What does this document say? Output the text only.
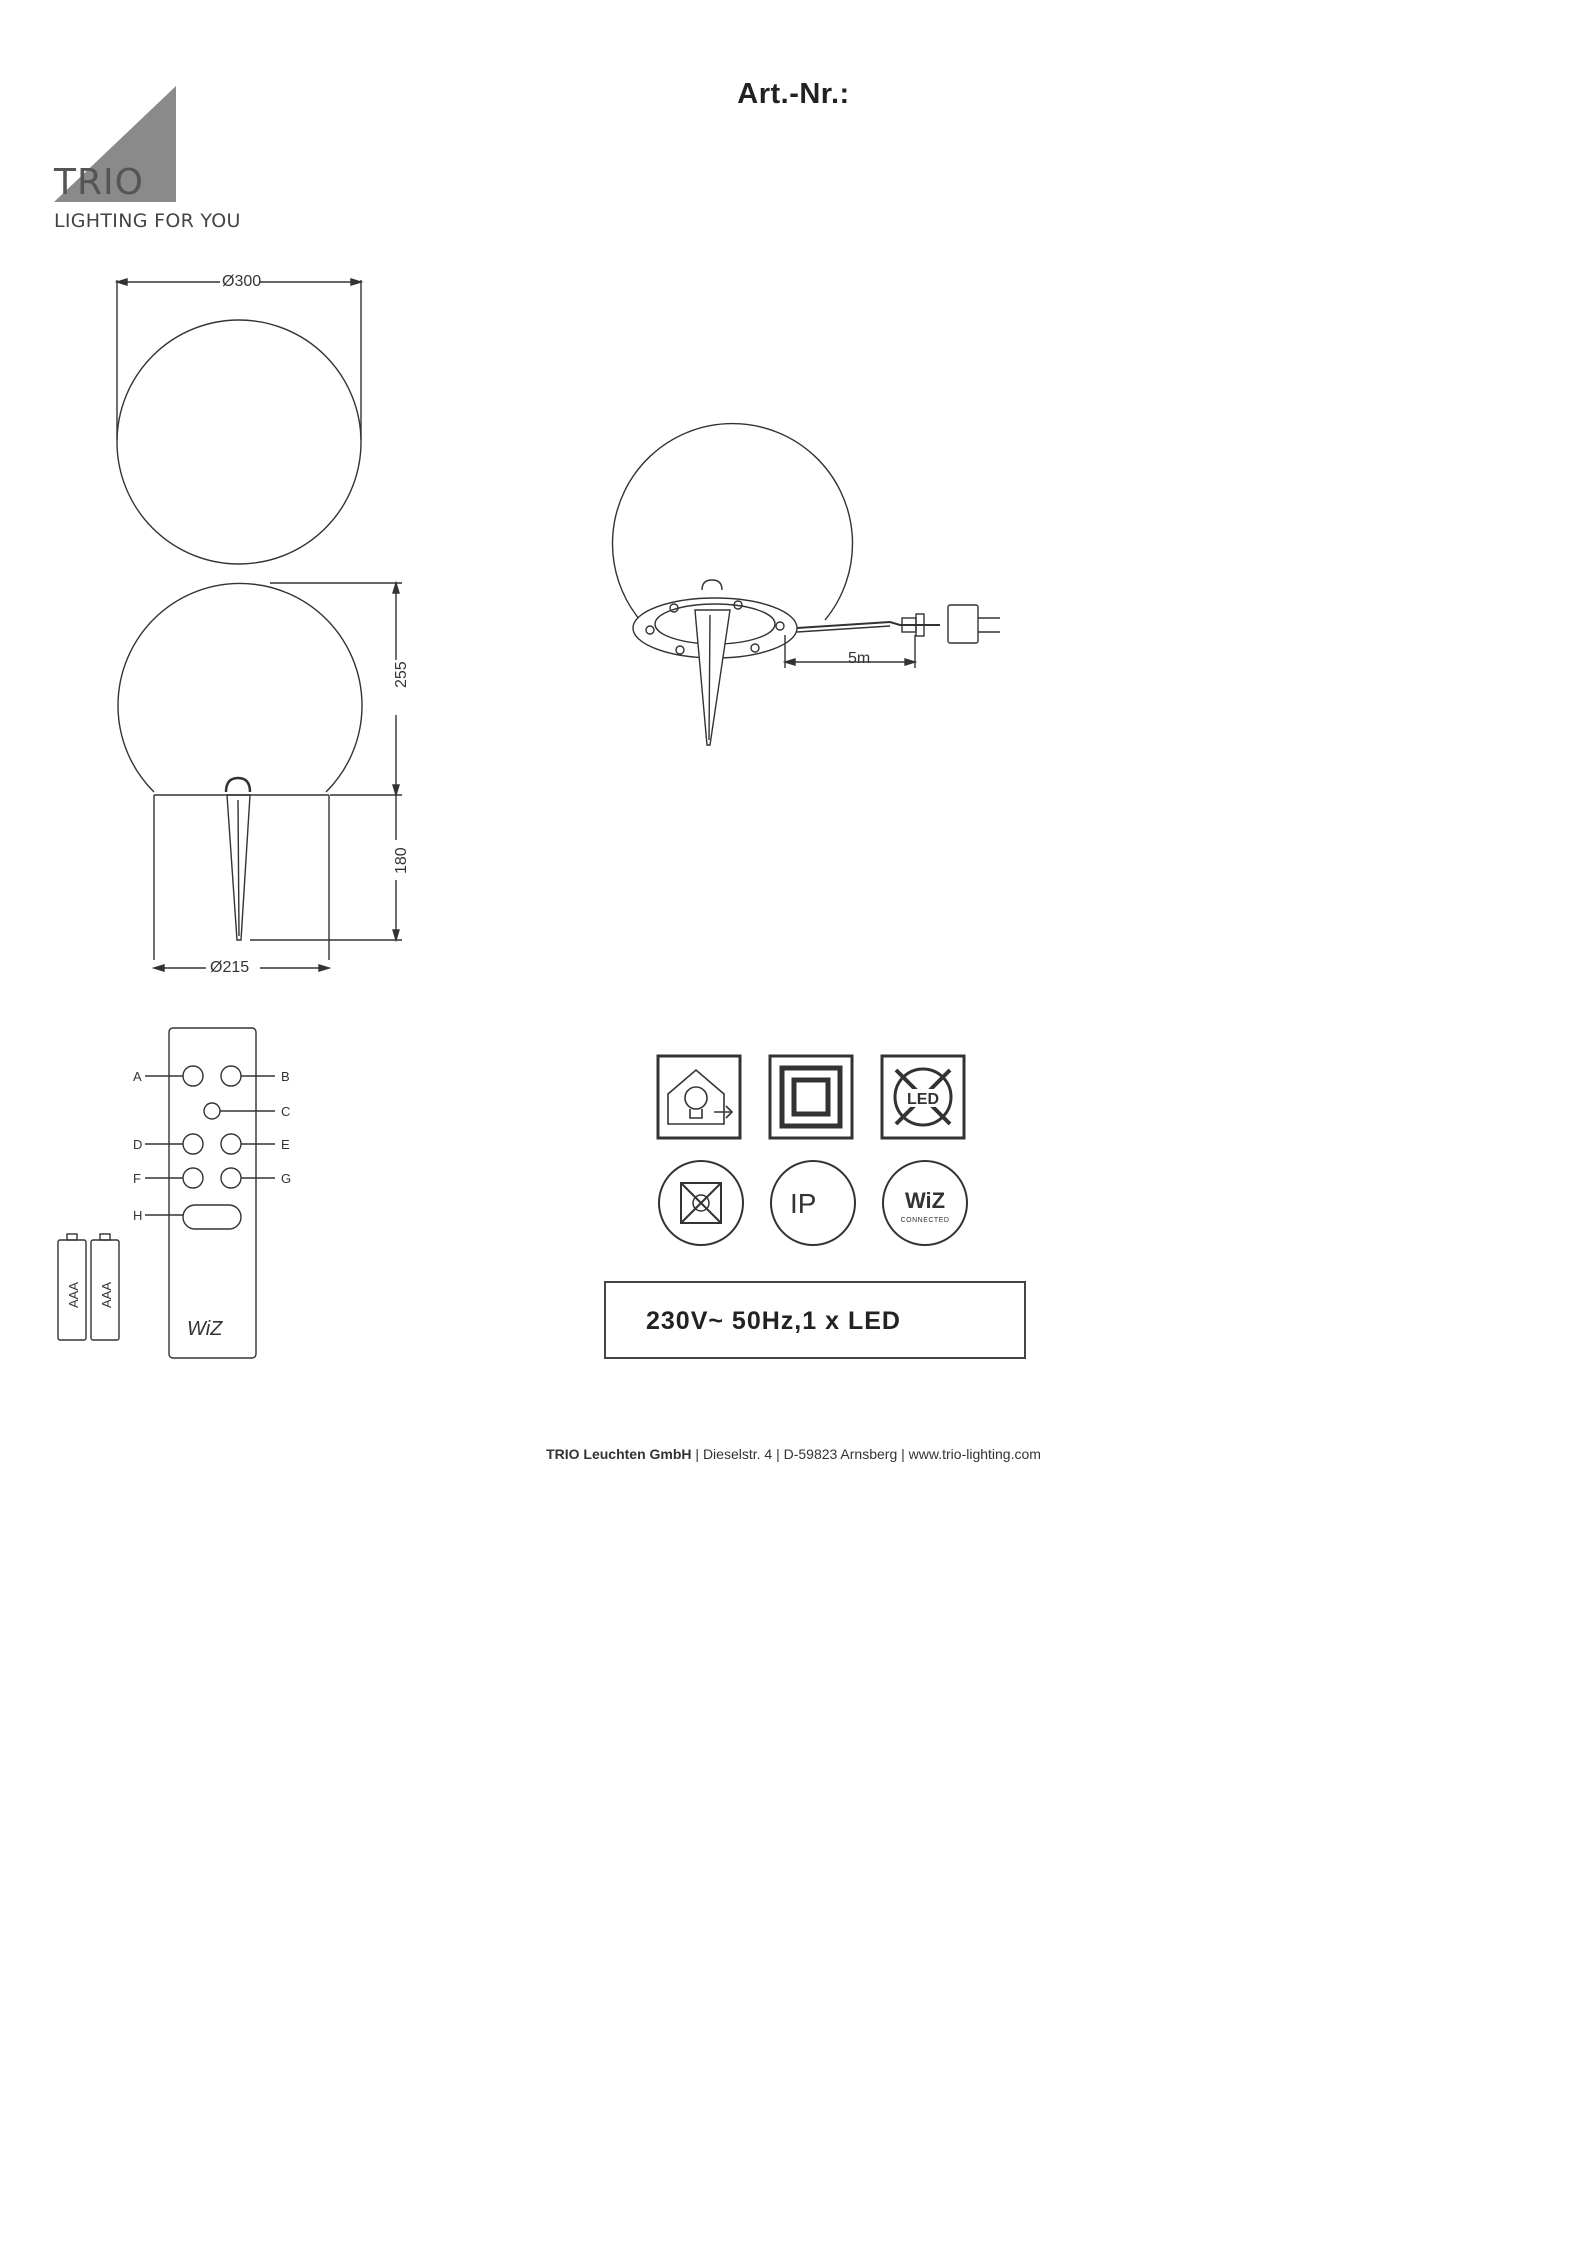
Art.-Nr.:
TRIO
LIGHTING FOR YOU
Ø300
Ø215
255
180
5m
A	B
C
D	E
F	G
H
WiZ
AAA AAA
LED
IP	WiZ
CONNECTED
230V~ 50Hz,1 x LED
TRIO Leuchten GmbH | Dieselstr. 4 | D-59823 Arnsberg | www.trio-lighting.com
